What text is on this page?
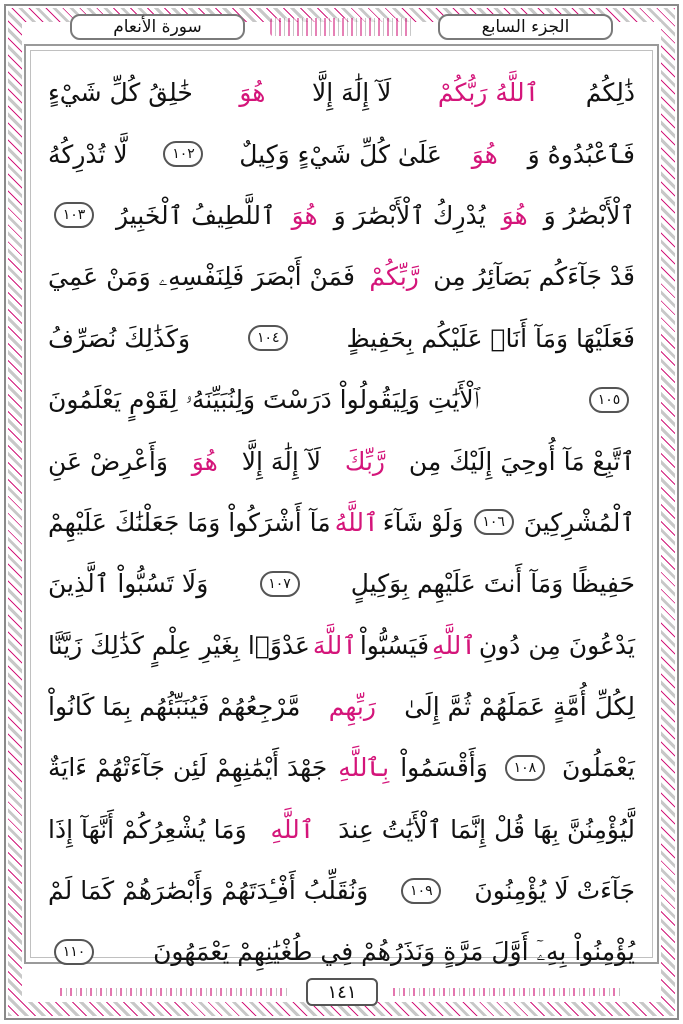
سورة الأنعام	الجزء السابع
ذَٰلِكُمُ
ٱللَّهُ رَبُّكُمْ
لَآ إِلَٰهَ إِلَّا
هُوَ
خَٰلِقُ كُلِّ شَيْءٍ
فَٱعْبُدُوهُ وَ
هُوَ
عَلَىٰ كُلِّ شَيْءٍ وَكِيلٌ
١٠٢
لَّا تُدْرِكُهُ
ٱلْأَبْصَٰرُ وَ
هُوَ
يُدْرِكُ ٱلْأَبْصَٰرَ وَ
هُوَ
ٱللَّطِيفُ ٱلْخَبِيرُ
١٠٣
قَدْ جَآءَكُم بَصَآئِرُ مِن
رَّبِّكُمْ
فَمَنْ أَبْصَرَ فَلِنَفْسِهِۦ وَمَنْ عَمِيَ
فَعَلَيْهَا وَمَآ أَنَا۠ عَلَيْكُم بِحَفِيظٍ
١٠٤
وَكَذَٰلِكَ نُصَرِّفُ
١٠٥
ٱلْأَيَٰتِ وَلِيَقُولُواْ دَرَسْتَ وَلِنُبَيِّنَهُۥ لِقَوْمٍ يَعْلَمُونَ
ٱتَّبِعْ مَآ أُوحِيَ إِلَيْكَ مِن
رَّبِّكَ
لَآ إِلَٰهَ إِلَّا
هُوَ
وَأَعْرِضْ عَنِ
ٱلْمُشْرِكِينَ
١٠٦
وَلَوْ شَآءَ
ٱللَّهُ
مَآ أَشْرَكُواْ وَمَا جَعَلْنَٰكَ عَلَيْهِمْ
حَفِيظًا وَمَآ أَنتَ عَلَيْهِم بِوَكِيلٍ
١٠٧
وَلَا تَسُبُّواْ ٱلَّذِينَ
يَدْعُونَ مِن دُونِ
ٱللَّهِ
فَيَسُبُّواْ
ٱللَّهَ
عَدْوًۢا بِغَيْرِ عِلْمٍ كَذَٰلِكَ زَيَّنَّا
لِكُلِّ أُمَّةٍ عَمَلَهُمْ ثُمَّ إِلَىٰ
رَبِّهِم
مَّرْجِعُهُمْ فَيُنَبِّئُهُم بِمَا كَانُواْ
يَعْمَلُونَ
١٠٨
وَأَقْسَمُواْ
بِٱللَّهِ
جَهْدَ أَيْمَٰنِهِمْ لَئِن جَآءَتْهُمْ ءَايَةٌ
لَّيُؤْمِنُنَّ بِهَا قُلْ إِنَّمَا ٱلْأَيَٰتُ عِندَ
ٱللَّهِ
وَمَا يُشْعِرُكُمْ أَنَّهَآ إِذَا
جَآءَتْ لَا يُؤْمِنُونَ
١٠٩
وَنُقَلِّبُ أَفْـِٔدَتَهُمْ وَأَبْصَٰرَهُمْ كَمَا لَمْ
يُؤْمِنُواْ بِهِۦٓ أَوَّلَ مَرَّةٍ وَنَذَرُهُمْ فِي طُغْيَٰنِهِمْ يَعْمَهُونَ
١١٠
١٤١
